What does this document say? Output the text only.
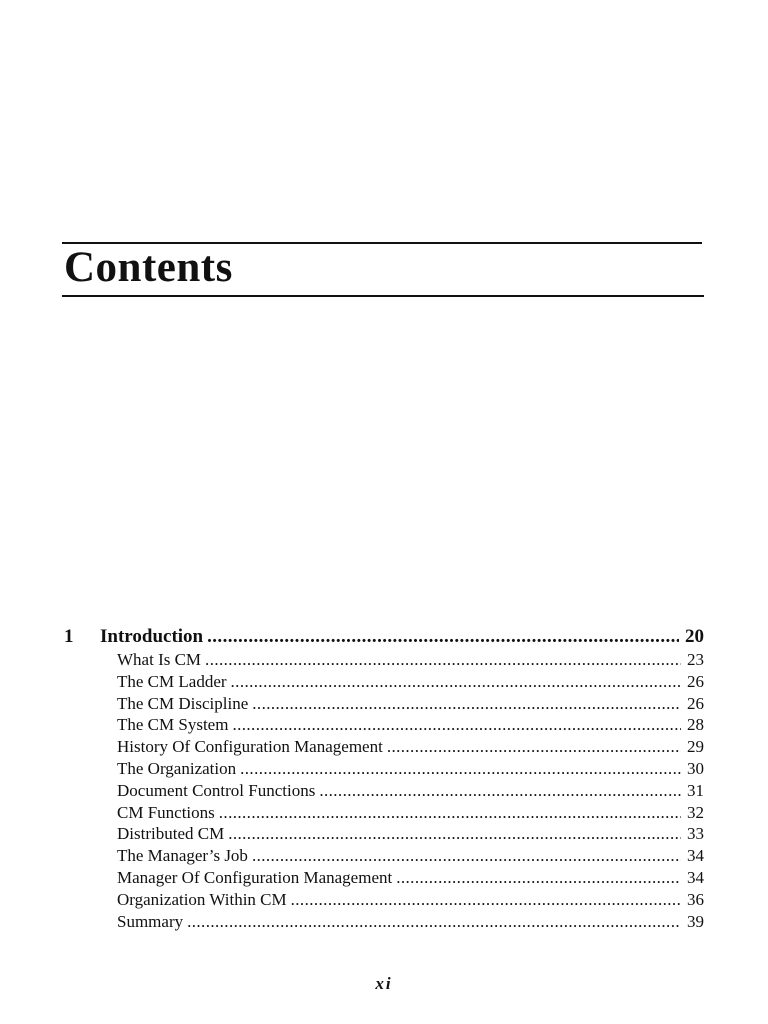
Contents
1	Introduction .....	20
What Is CM .....	23
The CM Ladder .....	26
The CM Discipline .....	26
The CM System .....	28
History Of Configuration Management .....	29
The Organization .....	30
Document Control Functions .....	31
CM Functions .....	32
Distributed CM .....	33
The Manager’s Job .....	34
Manager Of Configuration Management .....	34
Organization Within CM .....	36
Summary .....	39
xi
